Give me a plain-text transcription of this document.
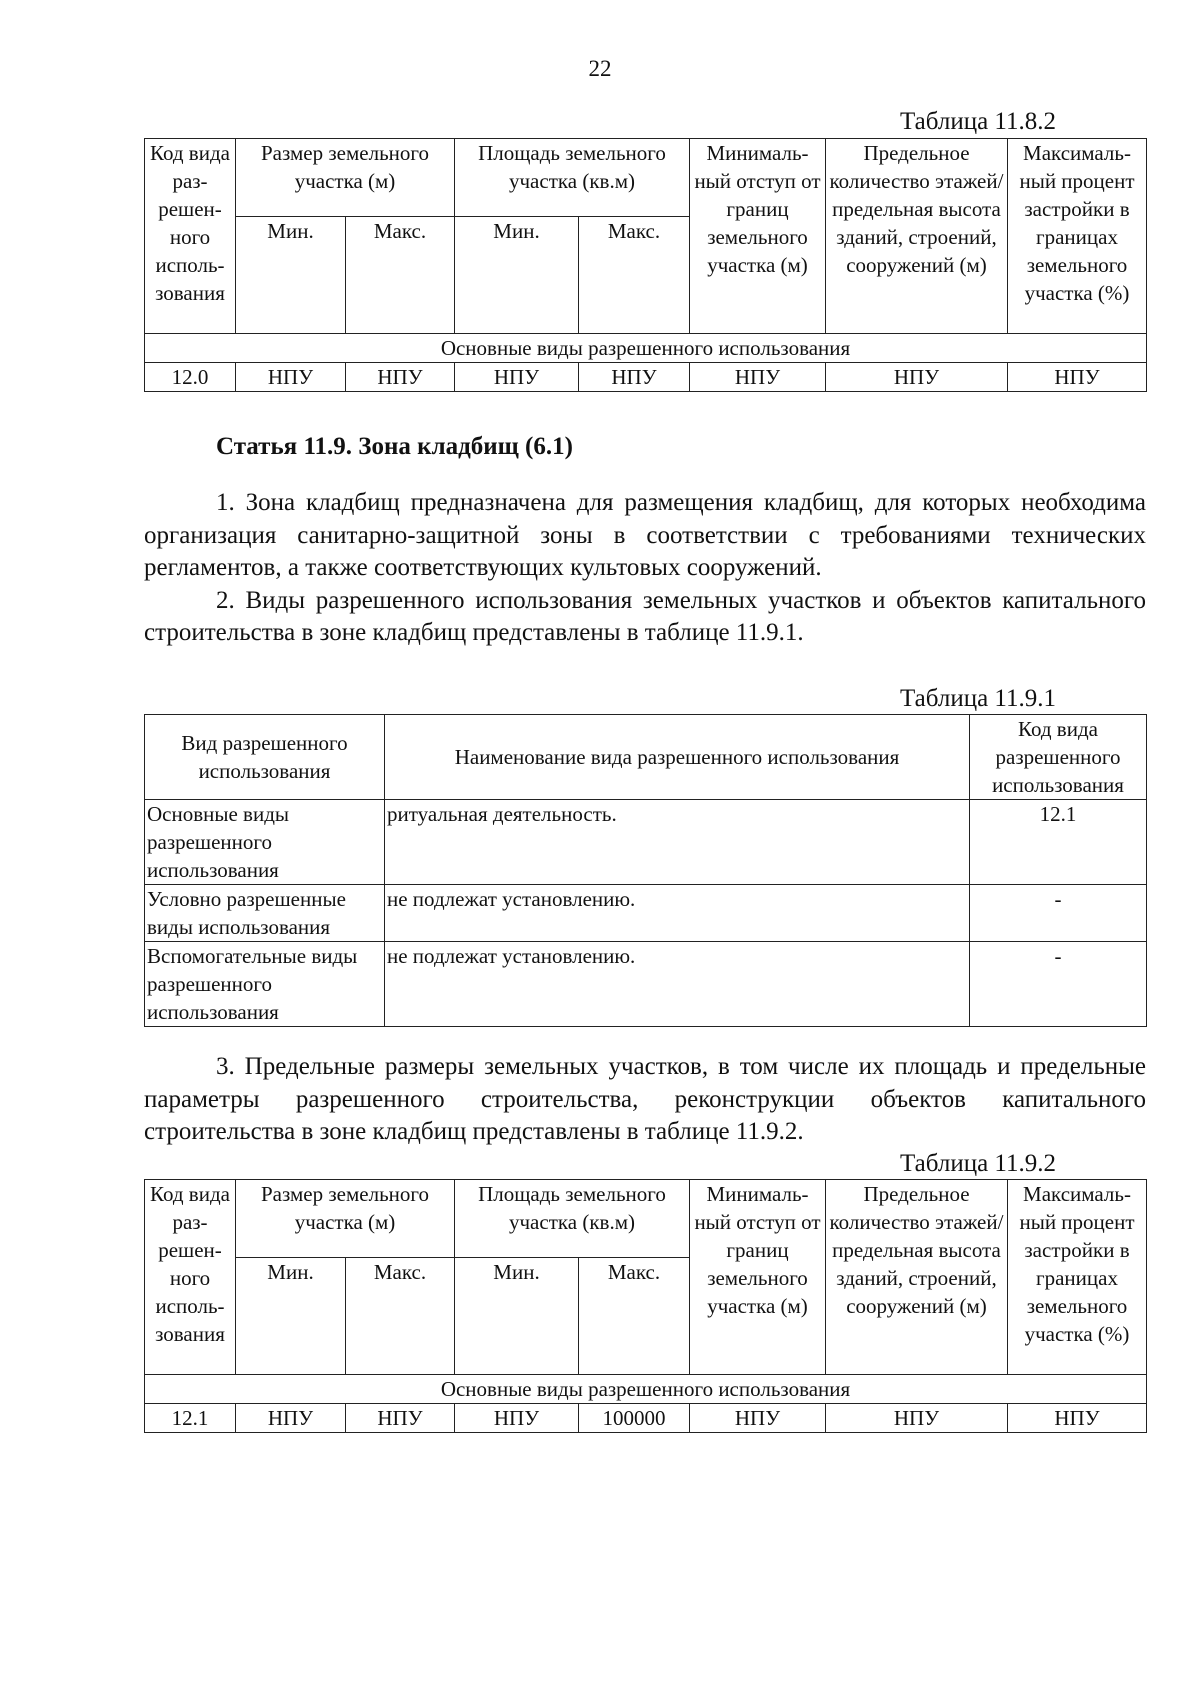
22
Таблица 11.8.2
Код вида раз-решен-ного исполь-зования	Размер земельного участка (м)		Площадь земельного участка (кв.м)		Минималь-ный отступ от границ земельного участка (м)	Предельное количество этажей/ предельная высота зданий, строений, сооружений (м)	Максималь-ный процент застройки в границах земельного участка (%)
	Мин.	Макс.	Мин.	Макс.			
Основные виды разрешенного использования							
12.0	НПУ	НПУ	НПУ	НПУ	НПУ	НПУ	НПУ
Статья 11.9. Зона кладбищ (6.1)

1. Зона кладбищ предназначена для размещения кладбищ, для которых необходима организация санитарно-защитной зоны в соответствии с требованиями технических регламентов, а также соответствующих культовых сооружений.

2. Виды разрешенного использования земельных участков и объектов капитального строительства в зоне кладбищ представлены в таблице 11.9.1.

Таблица 11.9.1
Вид разрешенного использования	Наименование вида разрешенного использования	Код вида разрешенного использования
Основные виды разрешенного использования	ритуальная деятельность.	12.1
Условно разрешенные виды использования	не подлежат установлению.	-
Вспомогательные виды разрешенного использования	не подлежат установлению.	-

3. Предельные размеры земельных участков, в том числе их площадь и предельные параметры разрешенного строительства, реконструкции объектов капитального строительства в зоне кладбищ представлены в таблице 11.9.2.

Таблица 11.9.2
Код вида раз-решен-ного исполь-зования	Размер земельного участка (м)		Площадь земельного участка (кв.м)		Минималь-ный отступ от границ земельного участка (м)	Предельное количество этажей/ предельная высота зданий, строений, сооружений (м)	Максималь-ный процент застройки в границах земельного участка (%)
	Мин.	Макс.	Мин.	Макс.			
Основные виды разрешенного использования							
12.1	НПУ	НПУ	НПУ	100000	НПУ	НПУ	НПУ
